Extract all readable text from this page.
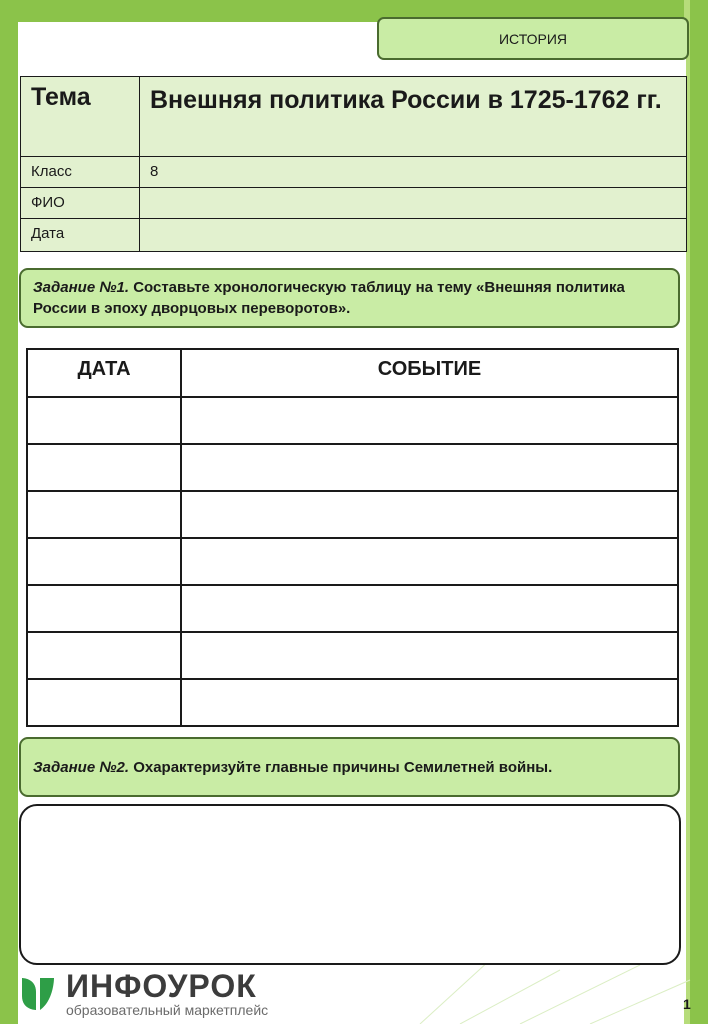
ИСТОРИЯ
Тема	Внешняя политика России в 1725-1762 гг.
Класс	8
ФИО	
Дата	
Задание №1. Составьте хронологическую таблицу на тему «Внешняя политика России в эпоху дворцовых переворотов».
ДАТА	СОБЫТИЕ

Задание №2. Охарактеризуйте главные причины Семилетней войны.
ИНФОУРОК
образовательный маркетплейс	1
